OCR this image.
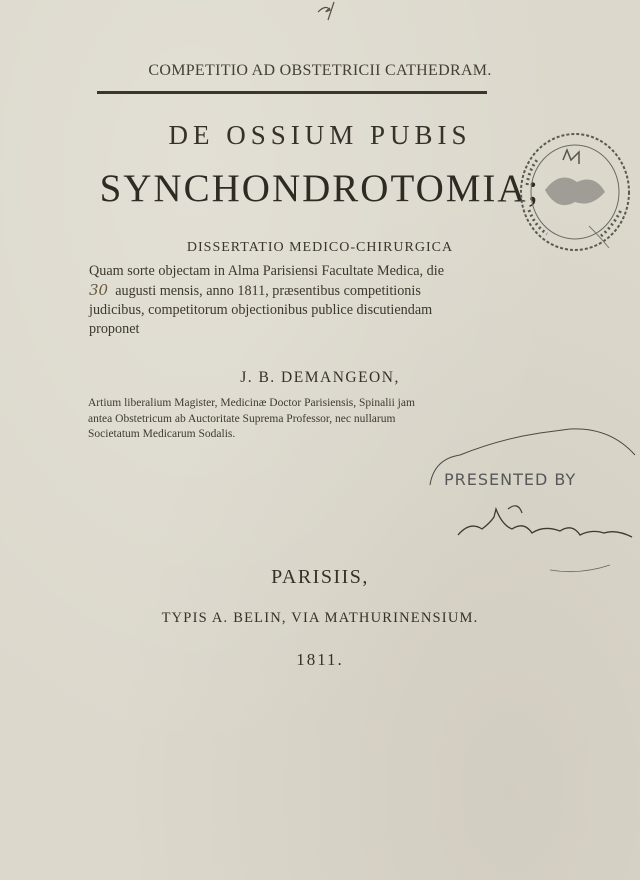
COMPETITIO AD OBSTETRICII CATHEDRAM.
DE OSSIUM PUBIS
SYNCHONDROTOMIA;
DISSERTATIO MEDICO-CHIRURGICA
Quam sorte objectam in Alma Parisiensi Facultate Medica, die
30 augusti mensis, anno 1811, præsentibus competitionis
judicibus, competitorum objectionibus publice discutiendam
proponet
J. B. DEMANGEON,
Artium liberalium Magister, Medicinæ Doctor Parisiensis, Spinalii jam
antea Obstetricum ab Auctoritate Suprema Professor, nec nullarum
Societatum Medicarum Sodalis.
PRESENTED BY
PARISIIS,
TYPIS A. BELIN, VIA MATHURINENSIUM.
1811.
